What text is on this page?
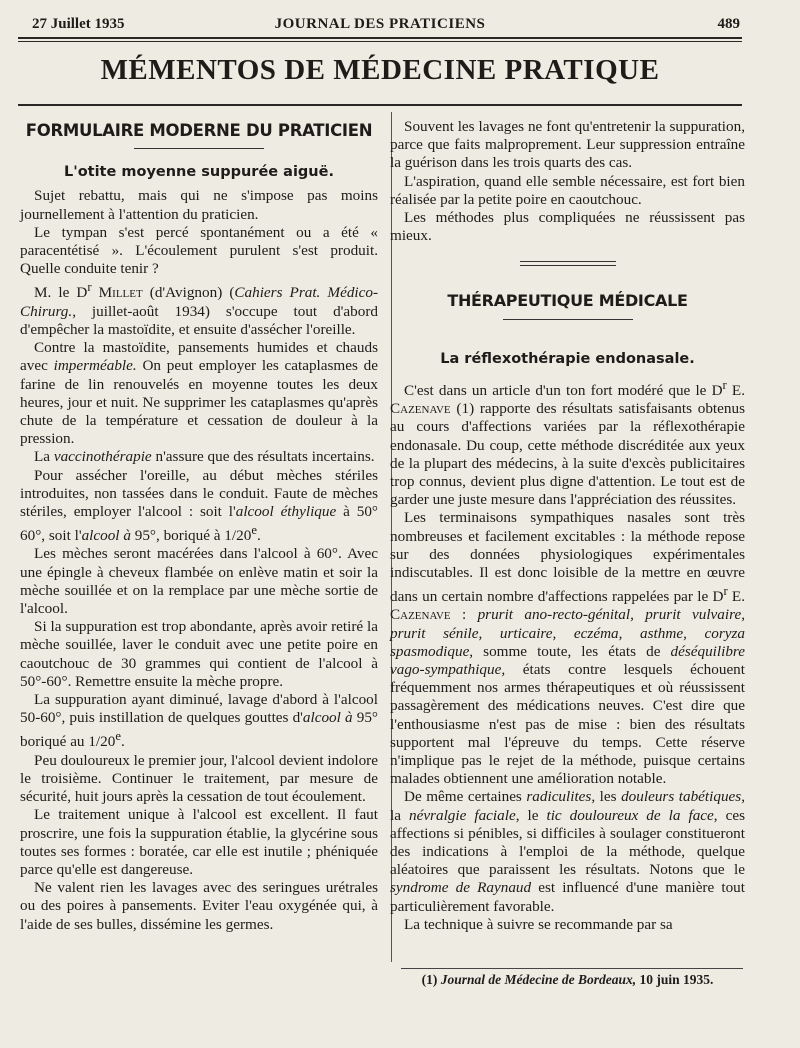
27 Juillet 1935	JOURNAL DES PRATICIENS	489
MÉMENTOS DE MÉDECINE PRATIQUE
FORMULAIRE MODERNE DU PRATICIEN
L'otite moyenne suppurée aiguë.

Sujet rebattu, mais qui ne s'impose pas moins journellement à l'attention du praticien.

Le tympan s'est percé spontanément ou a été « paracentétisé ». L'écoulement purulent s'est produit. Quelle conduite tenir ?

M. le $D^r$ Millet (d'Avignon) (Cahiers Prat. Médico-Chirurg., juillet-août 1934) s'occupe tout d'abord d'empêcher la mastoïdite, et ensuite d'assécher l'oreille.

Contre la mastoïdite, pansements humides et chauds avec imperméable. On peut employer les cataplasmes de farine de lin renouvelés en moyenne toutes les deux heures, jour et nuit. Ne supprimer les cataplasmes qu'après chute de la température et cessation de douleur à la pression.

La vaccinothérapie n'assure que des résultats incertains.

Pour assécher l'oreille, au début mèches stériles introduites, non tassées dans le conduit. Faute de mèches stériles, employer l'alcool : soit l'alcool éthylique à 50° 60°, soit l'alcool à 95°, boriqué à 1/20e.

Les mèches seront macérées dans l'alcool à 60°. Avec une épingle à cheveux flambée on enlève matin et soir la mèche souillée et on la remplace par une mèche sortie de l'alcool.

Si la suppuration est trop abondante, après avoir retiré la mèche souillée, laver le conduit avec une petite poire en caoutchouc de 30 grammes qui contient de l'alcool à 50°-60°. Remettre ensuite la mèche propre.

La suppuration ayant diminué, lavage d'abord à l'alcool 50-60°, puis instillation de quelques gouttes d'alcool à 95° boriqué au 1/20e.

Peu douloureux le premier jour, l'alcool devient indolore le troisième. Continuer le traitement, par mesure de sécurité, huit jours après la cessation de tout écoulement.

Le traitement unique à l'alcool est excellent. Il faut proscrire, une fois la suppuration établie, la glycérine sous toutes ses formes : boratée, car elle est inutile ; phéniquée parce qu'elle est dangereuse.

Ne valent rien les lavages avec des seringues urétrales ou des poires à pansements. Eviter l'eau oxygénée qui, à l'aide de ses bulles, dissémine les germes.

Souvent les lavages ne font qu'entretenir la suppuration, parce que faits malproprement. Leur suppression entraîne la guérison dans les trois quarts des cas.

L'aspiration, quand elle semble nécessaire, est fort bien réalisée par la petite poire en caoutchouc.

Les méthodes plus compliquées ne réussissent pas mieux.

THÉRAPEUTIQUE MÉDICALE
La réflexothérapie endonasale.

C'est dans un article d'un ton fort modéré que le $D^r$ E. Cazenave (1) rapporte des résultats satisfaisants obtenus au cours d'affections variées par la réflexothérapie endonasale. Du coup, cette méthode discréditée aux yeux de la plupart des médecins, à la suite d'excès publicitaires trop connus, devient plus digne d'attention. Le tout est de garder une juste mesure dans l'appréciation des réussites.

Les terminaisons sympathiques nasales sont très nombreuses et facilement excitables : la méthode repose sur des données physiologiques expérimentales indiscutables. Il est donc loisible de la mettre en œuvre dans un certain nombre d'affections rappelées par le $D^r$ E. Cazenave : prurit ano-recto-génital, prurit vulvaire, prurit sénile, urticaire, eczéma, asthme, coryza spasmodique, somme toute, les états de déséquilibre vago-sympathique, états contre lesquels échouent fréquemment nos armes thérapeutiques et où réussissent passagèrement des médications neuves. C'est dire que l'enthousiasme n'est pas de mise : bien des résultats supportent mal l'épreuve du temps. Cette réserve n'implique pas le rejet de la méthode, puisque certains malades obtiennent une amélioration notable.

De même certaines radiculites, les douleurs tabétiques, la névralgie faciale, le tic douloureux de la face, ces affections si pénibles, si difficiles à soulager constitueront des indications à l'emploi de la méthode, quelque aléatoires que paraissent les résultats. Notons que le syndrome de Raynaud est influencé d'une manière tout particulièrement favorable.

La technique à suivre se recommande par sa

(1) Journal de Médecine de Bordeaux, 10 juin 1935.
